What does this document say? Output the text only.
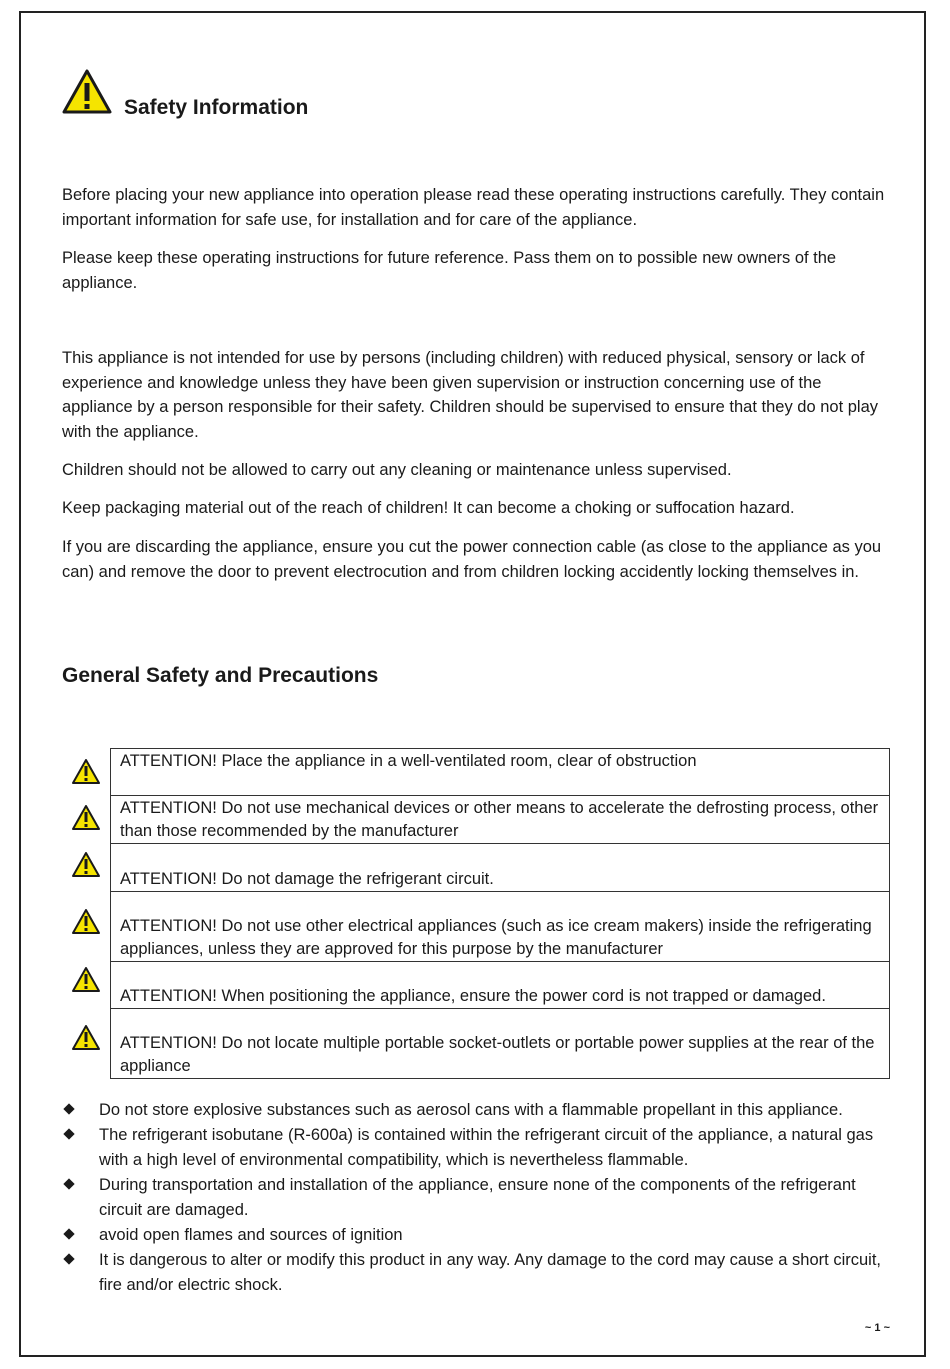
Safety Information

Before placing your new appliance into operation please read these operating instructions carefully. They contain important information for safe use, for installation and for care of the appliance.

Please keep these operating instructions for future reference. Pass them on to possible new owners of the appliance.

This appliance is not intended for use by persons (including children) with reduced physical, sensory or lack of experience and knowledge unless they have been given supervision or instruction concerning use of the appliance by a person responsible for their safety. Children should be supervised to ensure that they do not play with the appliance.

Children should not be allowed to carry out any cleaning or maintenance unless supervised.

Keep packaging material out of the reach of children! It can become a choking or suffocation hazard.

If you are discarding the appliance, ensure you cut the power connection cable (as close to the appliance as you can) and remove the door to prevent electrocution and from children locking accidently locking themselves in.

General Safety and Precautions
ATTENTION! Place the appliance in a well-ventilated room, clear of obstruction
ATTENTION! Do not use mechanical devices or other means to accelerate the defrosting process, other than those recommended by the manufacturer
ATTENTION! Do not damage the refrigerant circuit.
ATTENTION! Do not use other electrical appliances (such as ice cream makers) inside the refrigerating appliances, unless they are approved for this purpose by the manufacturer
ATTENTION! When positioning the appliance, ensure the power cord is not trapped or damaged.
ATTENTION! Do not locate multiple portable socket-outlets or portable power supplies at the rear of the appliance
Do not store explosive substances such as aerosol cans with a flammable propellant in this appliance.
The refrigerant isobutane (R-600a) is contained within the refrigerant circuit of the appliance, a natural gas with a high level of environmental compatibility, which is nevertheless flammable.
During transportation and installation of the appliance, ensure none of the components of the refrigerant circuit are damaged.
avoid open flames and sources of ignition
It is dangerous to alter or modify this product in any way. Any damage to the cord may cause a short circuit, fire and/or electric shock.
~ 1 ~
